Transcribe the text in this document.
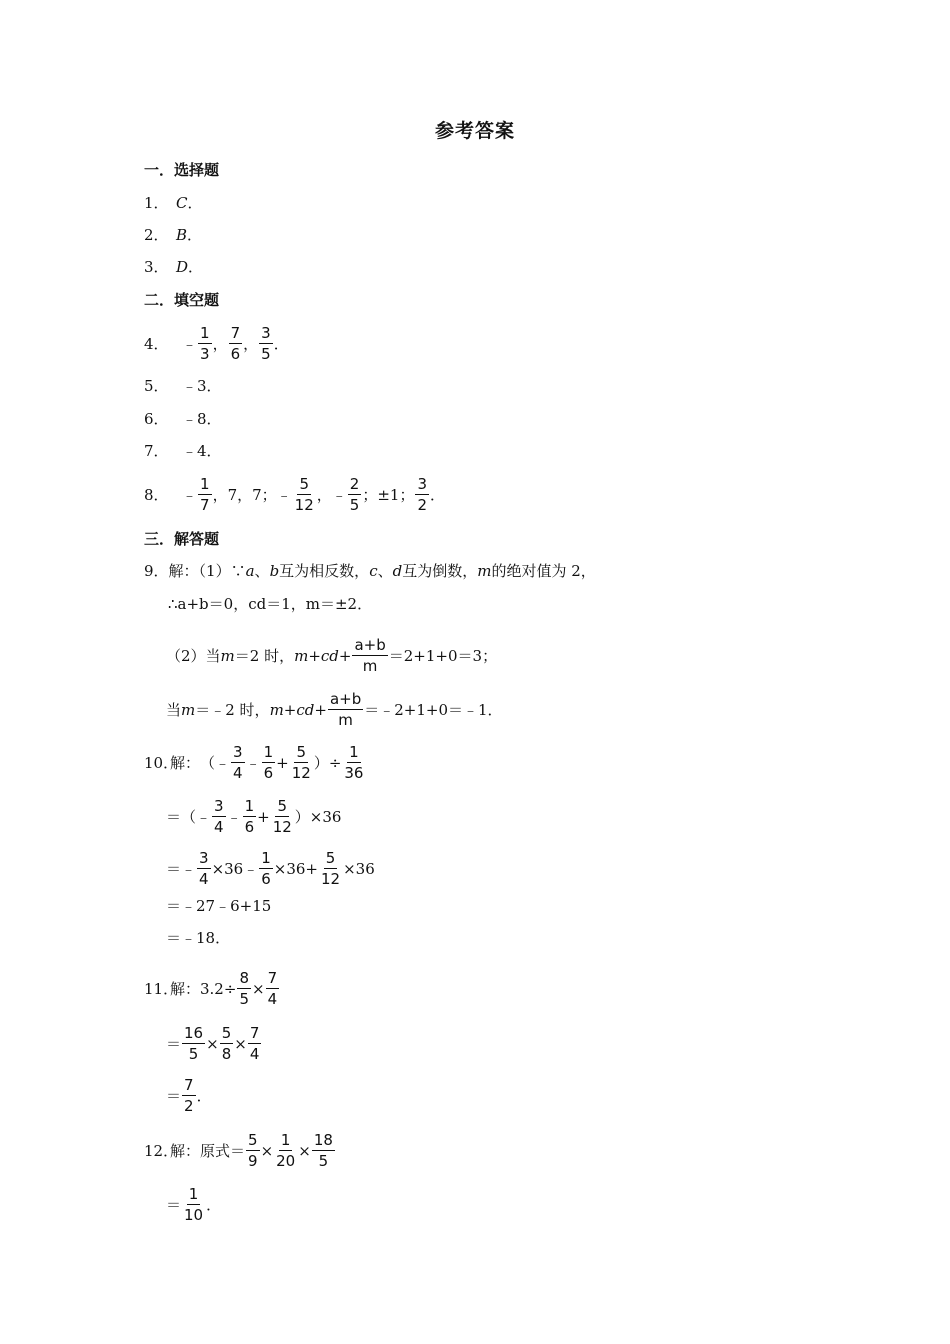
参考答案
一．选择题
1． C ．
2． B ．
3． D ．
二．填空题
4． ﹣ $\frac{1}{3}$ ， $\frac{7}{6}$ ， $\frac{3}{5}$ ．
5． ﹣3．
6． ﹣8．
7． ﹣4．
8． ﹣ $\frac{1}{7}$ ，7，7； ﹣ $\frac{5}{12}$ ， ﹣ $\frac{2}{5}$ ；±1； $\frac{3}{2}$ ．
三．解答题
9． 解：（1）∵ a 、 b 互为相反数， c 、 d 互为倒数， m 的绝对值为 2，
∴a+b＝0，cd＝1，m＝±2．
（2）当 m ＝2 时， $m+cd+ \frac{a+b}{m} =2+1+0=3$；
当 m ＝﹣2 时， $m+cd+ \frac{a+b}{m}$ ＝﹣2+1+0＝﹣1．
10．
解： （﹣ $\frac{3}{4}$ ﹣ $\frac{1}{6} + \frac{5}{12}$ ）÷ $\frac{1}{36}$
＝（﹣ $\frac{3}{4}$ ﹣ $\frac{1}{6} + \frac{5}{12} )\times 36$
＝﹣ $\frac{3}{4}$ ×36﹣ $\frac{1}{6} \times 36+ \frac{5}{12} \times 36$
＝﹣27﹣6+15
＝﹣18．
11．
解：$3.2\div \frac{8}{5} \times \frac{7}{4}$
＝ $\frac{16}{5} \times \frac{5}{8} \times \frac{7}{4}$
＝ $\frac{7}{2}$ ．
12．
解：原式＝ $\frac{5}{9} \times \frac{1}{20} \times \frac{18}{5}$
＝ $\frac{1}{10}$ ．
